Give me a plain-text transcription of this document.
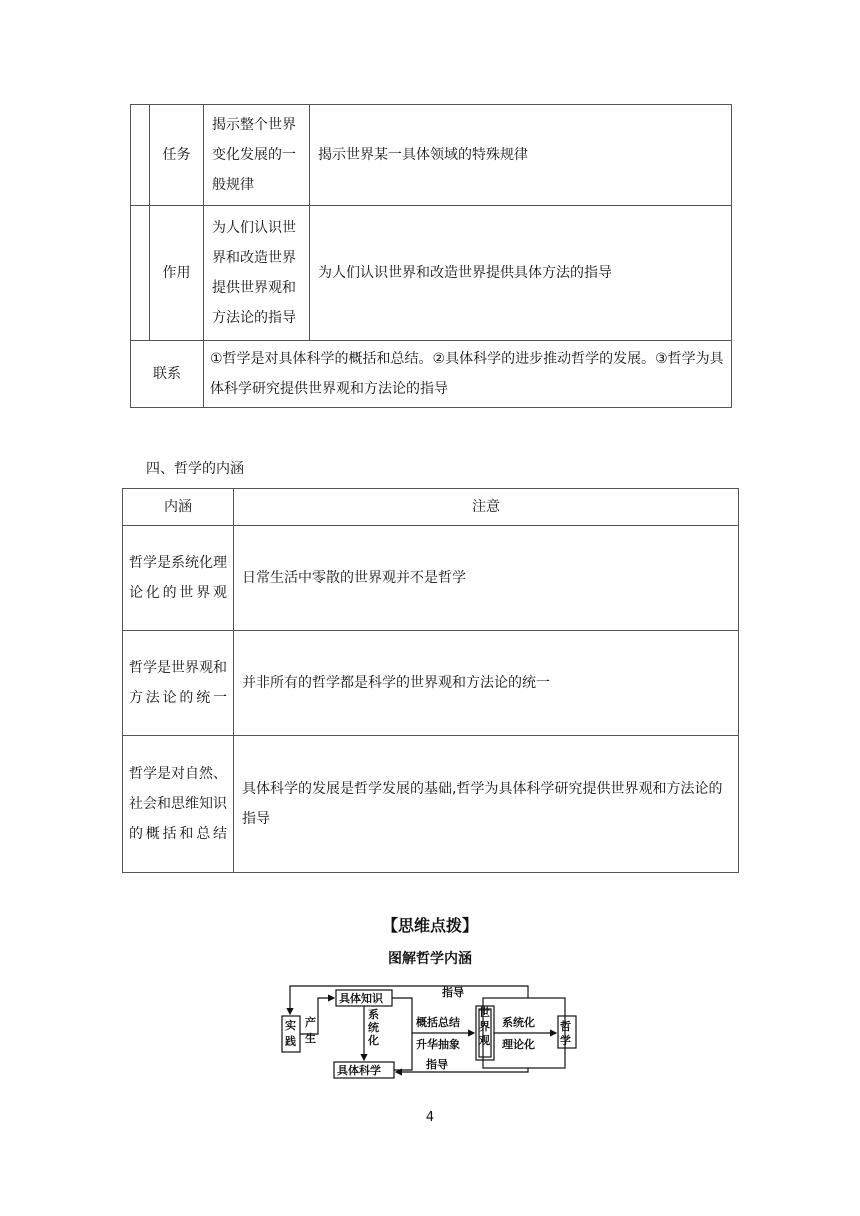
	任务	揭示整个世界变化发展的一般规律	揭示世界某一具体领域的特殊规律
	作用	为人们认识世界和改造世界提供世界观和方法论的指导	为人们认识世界和改造世界提供具体方法的指导
联系		①哲学是对具体科学的概括和总结。②具体科学的进步推动哲学的发展。③哲学为具体科学研究提供世界观和方法论的指导	
四、哲学的内涵
内涵	注意
哲学是系统化理论化的世界观	日常生活中零散的世界观并不是哲学
哲学是世界观和方法论的统一	并非所有的哲学都是科学的世界观和方法论的统一
哲学是对自然、社会和思维知识的概括和总结	具体科学的发展是哲学发展的基础,哲学为具体科学研究提供世界观和方法论的指导
【思维点拨】
图解哲学内涵
实践
产生
具体知识
系统化
具体科学
概括总结
升华抽象
世界观
系统化
理论化
哲学
指导
指导
4
